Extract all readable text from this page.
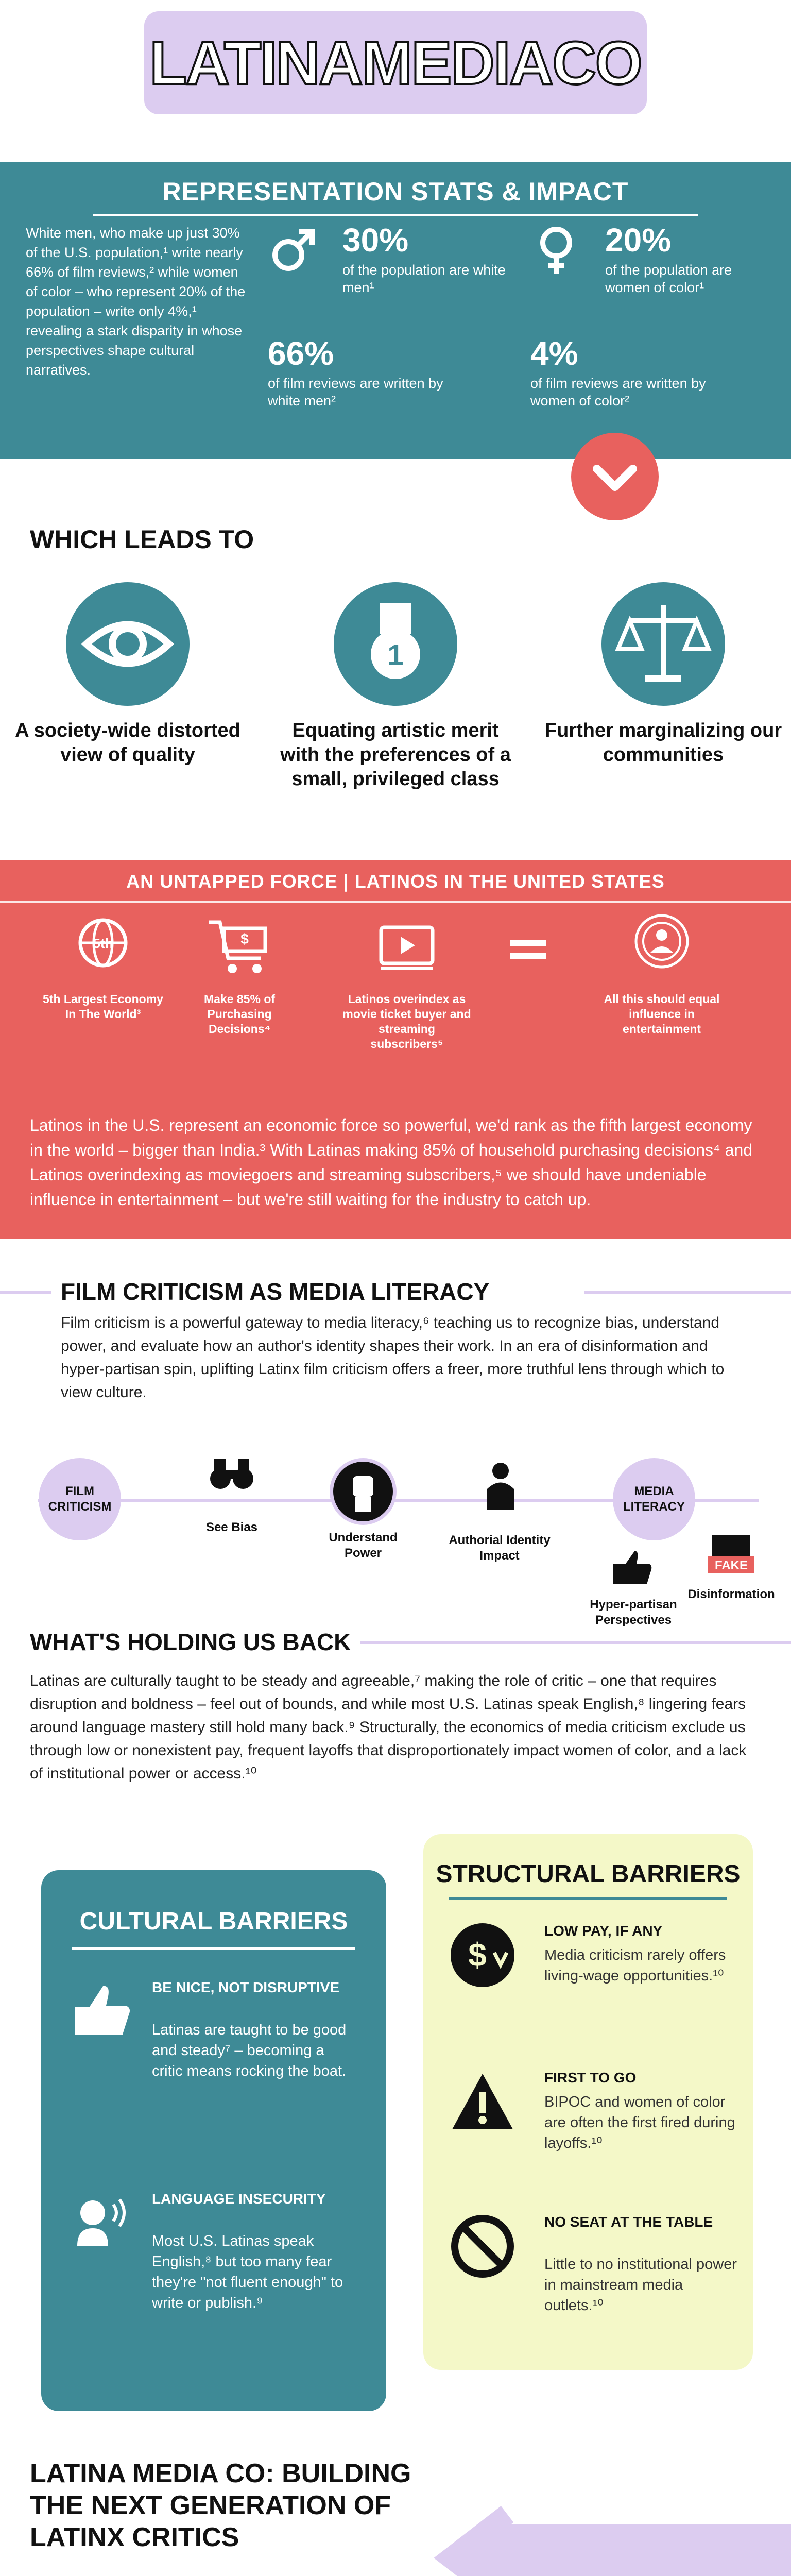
LATINAMEDIACO
REPRESENTATION STATS & IMPACT
White men, who make up just 30% of the U.S. population,¹ write nearly 66% of film reviews,² while women of color – who represent 20% of the population – write only 4%,¹ revealing a stark disparity in whose perspectives shape cultural narratives.
30%
of the population are white men¹
20%
of the population are women of color¹
66%
of film reviews are written by white men²
4%
of film reviews are written by women of color²
WHICH LEADS TO
1
A society-wide distorted view of quality
Equating artistic merit with the preferences of a small, privileged class
Further marginalizing our communities
AN UNTAPPED FORCE | LATINOS IN THE UNITED STATES
5th	$
5th Largest Economy In The World³
Make 85% of Purchasing Decisions⁴
Latinos overindex as movie ticket buyer and streaming subscribers⁵
All this should equal influence in entertainment
Latinos in the U.S. represent an economic force so powerful, we'd rank as the fifth largest economy in the world – bigger than India.³ With Latinas making 85% of household purchasing decisions⁴ and Latinos overindexing as moviegoers and streaming subscribers,⁵ we should have undeniable influence in entertainment – but we're still waiting for the industry to catch up.
FILM CRITICISM AS MEDIA LITERACY
Film criticism is a powerful gateway to media literacy,⁶ teaching us to recognize bias, understand power, and evaluate how an author's identity shapes their work. In an era of disinformation and hyper-partisan spin, uplifting Latinx film criticism offers a freer, more truthful lens through which to view culture.
FILM CRITICISM
See Bias
Understand Power
Authorial Identity Impact
MEDIA LITERACY
Hyper-partisan Perspectives
FAKE
Disinformation
WHAT'S HOLDING US BACK
Latinas are culturally taught to be steady and agreeable,⁷ making the role of critic – one that requires disruption and boldness – feel out of bounds, and while most U.S. Latinas speak English,⁸ lingering fears around language mastery still hold many back.⁹ Structurally, the economics of media criticism exclude us through low or nonexistent pay, frequent layoffs that disproportionately impact women of color, and a lack of institutional power or access.¹⁰
CULTURAL BARRIERS
BE NICE, NOT DISRUPTIVE
Latinas are taught to be good and steady⁷ – becoming a critic means rocking the boat.
LANGUAGE INSECURITY
Most U.S. Latinas speak English,⁸ but too many fear they're "not fluent enough" to write or publish.⁹
STRUCTURAL BARRIERS
$
LOW PAY, IF ANY
Media criticism rarely offers living-wage opportunities.¹⁰
FIRST TO GO
BIPOC and women of color are often the first fired during layoffs.¹⁰
NO SEAT AT THE TABLE
Little to no institutional power in mainstream media outlets.¹⁰
LATINA MEDIA CO: BUILDING THE NEXT GENERATION OF LATINX CRITICS
